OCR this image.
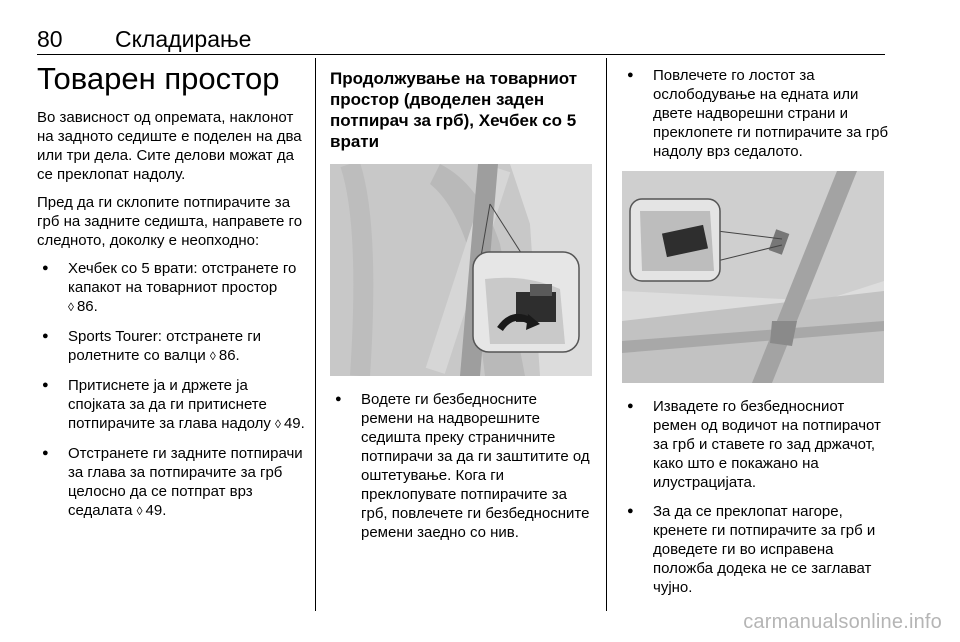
80 Складирање
Товарен простор

Во зависност од опремата, наклонот на задното седиште е поделен на два или три дела. Сите делови можат да се преклопат надолу.

Пред да ги склопите потпирачите за грб на задните седишта, направете го следното, доколку е неопходно:

● Хечбек со 5 врати: отстранете го капакот на товарниот простор ◊ 86.
● Sports Tourer: отстранете ги ролетните со валци ◊ 86.
● Притиснете ја и држете ја спојката за да ги притиснете потпирачите за глава надолу ◊ 49.
● Отстранете ги задните потпирачи за глава за потпирачите за грб целосно да се потпрат врз седалата ◊ 49.
Продолжување на товарниот простор (дводелен заден потпирач за грб), Хечбек со 5 врати
● Водете ги безбедносните ремени на надворешните седишта преку страничните потпирачи за да ги заштитите од оштетување. Кога ги преклопувате потпирачите за грб, повлечете ги безбедносните ремени заедно со нив.
● Повлечете го лостот за ослободување на едната или двете надворешни страни и преклопете ги потпирачите за грб надолу врз седалото.
● Извадете го безбедносниот ремен од водичот на потпирачот за грб и ставете го зад држачот, како што е покажано на илустрацијата.
● За да се преклопат нагоре, кренете ги потпирачите за грб и доведете ги во исправена положба додека не се заглават чујно.
carmanualsonline.info
